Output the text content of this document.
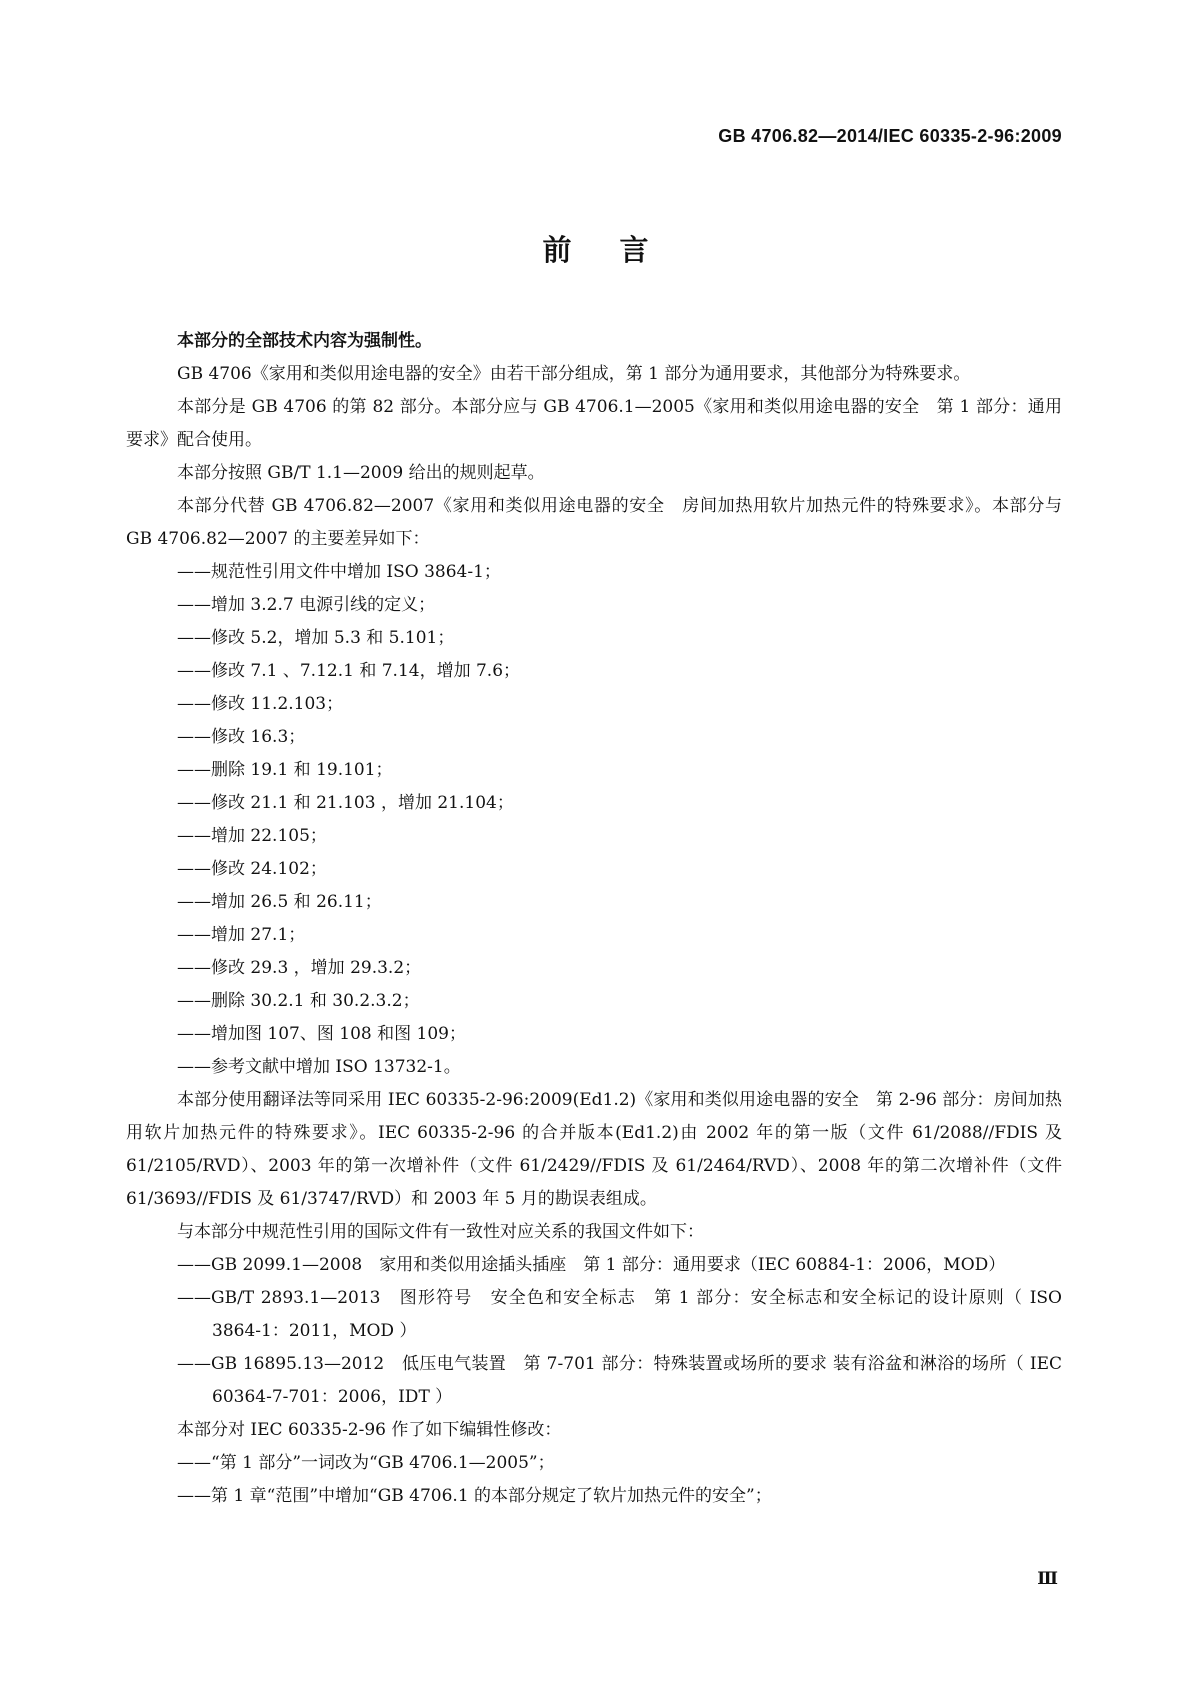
GB 4706.82—2014/IEC 60335-2-96:2009
前言

本部分的全部技术内容为强制性。

GB 4706《家用和类似用途电器的安全》由若干部分组成，第 1 部分为通用要求，其他部分为特殊要求。

本部分是 GB 4706 的第 82 部分。本部分应与 GB 4706.1—2005《家用和类似用途电器的安全　第 1 部分：通用要求》配合使用。

本部分按照 GB/T 1.1—2009 给出的规则起草。

本部分代替 GB 4706.82—2007《家用和类似用途电器的安全　房间加热用软片加热元件的特殊要求》。本部分与 GB 4706.82—2007 的主要差异如下：

——规范性引用文件中增加 ISO 3864-1；
——增加 3.2.7 电源引线的定义；
——修改 5.2，增加 5.3 和 5.101；
——修改 7.1 、7.12.1 和 7.14，增加 7.6；
——修改 11.2.103；
——修改 16.3；
——删除 19.1 和 19.101；
——修改 21.1 和 21.103 ，增加 21.104；
——增加 22.105；
——修改 24.102；
——增加 26.5 和 26.11；
——增加 27.1；
——修改 29.3 ，增加 29.3.2；
——删除 30.2.1 和 30.2.3.2；
——增加图 107、图 108 和图 109；
——参考文献中增加 ISO 13732-1。

本部分使用翻译法等同采用 IEC 60335-2-96:2009(Ed1.2)《家用和类似用途电器的安全　第 2-96 部分：房间加热用软片加热元件的特殊要求》。IEC 60335-2-96 的合并版本(Ed1.2)由 2002 年的第一版（文件 61/2088//FDIS 及 61/2105/RVD）、2003 年的第一次增补件（文件 61/2429//FDIS 及 61/2464/RVD）、2008 年的第二次增补件（文件 61/3693//FDIS 及 61/3747/RVD）和 2003 年 5 月的勘误表组成。

与本部分中规范性引用的国际文件有一致性对应关系的我国文件如下：

——GB 2099.1—2008　家用和类似用途插头插座　第 1 部分：通用要求（IEC 60884-1：2006，MOD）
——GB/T 2893.1—2013　图形符号　安全色和安全标志　第 1 部分：安全标志和安全标记的设计原则（ ISO 3864-1：2011，MOD ）
——GB 16895.13—2012　低压电气装置　第 7-701 部分：特殊装置或场所的要求 装有浴盆和淋浴的场所（ IEC 60364-7-701：2006，IDT ）

本部分对 IEC 60335-2-96 作了如下编辑性修改：

——“第 1 部分”一词改为“GB 4706.1—2005”；
——第 1 章“范围”中增加“GB 4706.1 的本部分规定了软片加热元件的安全”；
Ⅲ
